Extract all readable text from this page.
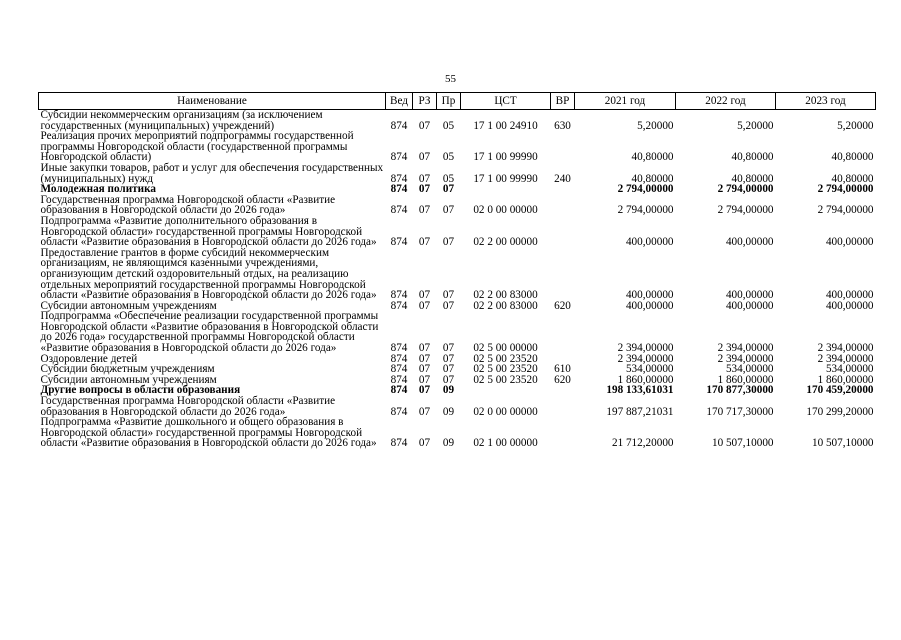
55
Наименование	Вед	РЗ	Пр	ЦСТ	ВР	2021 год	2022 год	2023 год
Субсидии некоммерческим организациям (за исключением государственных (муниципальных) учреждений)	874	07	05	17 1 00 24910	630	5,20000	5,20000	5,20000
Реализация прочих мероприятий подпрограммы государственной программы Новгородской области (государственной программы Новгородской области)	874	07	05	17 1 00 99990		40,80000	40,80000	40,80000
Иные закупки товаров, работ и услуг для обеспечения государственных (муниципальных) нужд	874	07	05	17 1 00 99990	240	40,80000	40,80000	40,80000
Молодежная политика	874	07	07			2 794,00000	2 794,00000	2 794,00000
Государственная программа Новгородской области «Развитие образования в Новгородской области до 2026 года»	874	07	07	02 0 00 00000		2 794,00000	2 794,00000	2 794,00000
Подпрограмма «Развитие дополнительного образования в Новгородской области» государственной программы Новгородской области «Развитие образования в Новгородской области до 2026 года»	874	07	07	02 2 00 00000		400,00000	400,00000	400,00000
Предоставление грантов в форме субсидий некоммерческим организациям, не являющимся казенными учреждениями, организующим детский оздоровительный отдых, на реализацию отдельных мероприятий государственной программы Новгородской области «Развитие образования в Новгородской области до 2026 года»	874	07	07	02 2 00 83000		400,00000	400,00000	400,00000
Субсидии автономным учреждениям	874	07	07	02 2 00 83000	620	400,00000	400,00000	400,00000
Подпрограмма «Обеспечение реализации государственной программы Новгородской области «Развитие образования в Новгородской области до 2026 года» государственной программы Новгородской области «Развитие образования в Новгородской области до 2026 года»	874	07	07	02 5 00 00000		2 394,00000	2 394,00000	2 394,00000
Оздоровление детей	874	07	07	02 5 00 23520		2 394,00000	2 394,00000	2 394,00000
Субсидии бюджетным учреждениям	874	07	07	02 5 00 23520	610	534,00000	534,00000	534,00000
Субсидии автономным учреждениям	874	07	07	02 5 00 23520	620	1 860,00000	1 860,00000	1 860,00000
Другие вопросы в области образования	874	07	09			198 133,61031	170 877,30000	170 459,20000
Государственная программа Новгородской области «Развитие образования в Новгородской области до 2026 года»	874	07	09	02 0 00 00000		197 887,21031	170 717,30000	170 299,20000
Подпрограмма «Развитие дошкольного и общего образования в Новгородской области» государственной программы Новгородской области «Развитие образования в Новгородской области до 2026 года»	874	07	09	02 1 00 00000		21 712,20000	10 507,10000	10 507,10000
